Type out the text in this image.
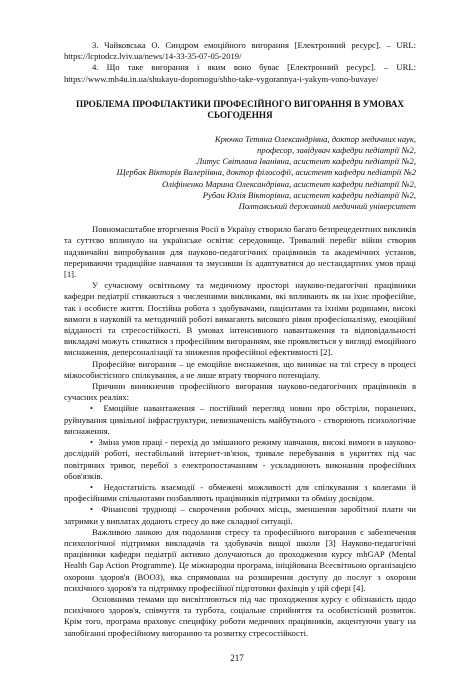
3. Чайковська О. Синдром емоційного вигорання [Електронний ресурс]. – URL: https://lcptodcz.lviv.ua/news/14-33-35-07-05-2019/

4. Що таке вигорання і яким воно буває [Електронний ресурс]. – URL: https://www.mh4u.in.ua/shukayu-dopomogu/shho-take-vygorannya-i-yakym-vono-buvaye/

ПРОБЛЕМА ПРОФІЛАКТИКИ ПРОФЕСІЙНОГО ВИГОРАННЯ В УМОВАХ СЬОГОДЕННЯ
Крючко Тетяна Олександрівна, доктор медичних наук,
професор, завідувач кафедри педіатрії №2,
Литус Світлана Іванівна, асистент кафедри педіатрії №2,
Щербак Вікторія Валеріївна, доктор філософії, асистент кафедри педіатрії №2
Оліфіненко Марина Олександрівна, асистент кафедри педіатрії №2,
Рубан Юлія Вікторівна, асистент кафедри педіатрії №2,
Полтавський державний медичний університет

Повномасштабне вторгнення Росії в Україну створило багато безпрецедентних викликів та суттєво вплинуло на українське освітнє середовище. Тривалий перебіг війни створив надзвичайні випробування для науково-педагогічних працівників та академічних установ, перериваючи традиційне навчання та змусивши їх адаптуватися до нестандартних умов праці [1].

У сучасному освітньому та медичному просторі науково-педагогічні працівники кафедри педіатрії стикаються з численними викликами, які впливають як на їхнє професійне, так і особисте життя. Постійна робота з здобувачами, пацієнтами та їхніми родинами, високі вимоги в науковій та методичній роботі вимагають високого рівня професіоналізму, емоційної відданості та стресостійкості. В умовах інтенсивного навантаження та відповідальності викладачі можуть стикатися з професійним вигоранням, яке проявляється у вигляді емоційного виснаження, деперсоналізації та зниження професійної ефективності [2].

Професійне вигорання – це емоційне виснаження, що виникає на тлі стресу в процесі міжособистісного спілкування, а не лише втрату творчого потенціалу.

Причини виникнення професійного вигорання науково-педагогічних працівників в сучасних реаліях:

•  Емоційне навантаження – постійний перегляд новин про обстріли, поранених, руйнування цивільної інфраструктури, невизначеність майбутнього - створюють психологічне виснаження.

•  Зміна умов праці - перехід до змішаного режиму навчання, високі вимоги в науково-дослідній роботі, нестабільний інтернет-зв'язок, тривале перебування в укриттях під час повітряних тривог, перебої з електропостачанням - ускладнюють виконання професійних обов'язків.

•  Недостатність взаємодії - обмежені можливості для спілкування з колегами й професійними спільнотами позбавляють працівників підтримки та обміну досвідом.

•  Фінансові труднощі – скорочення робочих місць, зменшення заробітної плати чи затримки у виплатах додають стресу до вже складної ситуації.

Важливою ланкою для подолання стресу та професійного вигорання є забезпечення психологічної підтримки викладачів та здобувачів вищої школи [3] Науково-педагогічні працівники кафедри педіатрії активно долучаються до проходження курсу mhGAP (Mental Health Gap Action Programme). Це міжнародна програма, ініційована Всесвітньою організацією охорони здоров'я (ВООЗ), яка спрямована на розширення доступу до послуг з охорони психічного здоров'я та підтримку професійної підготовки фахівців у цій сфері [4].

Основними темами що висвітлюються під час проходження курсу є обізнаність щодо психічного здоров'я, співчуття та турбота, соціальне сприйняття та особистісний розвиток. Крім того, програма враховує специфіку роботи медичних працівників, акцентуючи увагу на запобіганні професійному вигоранню та розвитку стресостійкості.

217
